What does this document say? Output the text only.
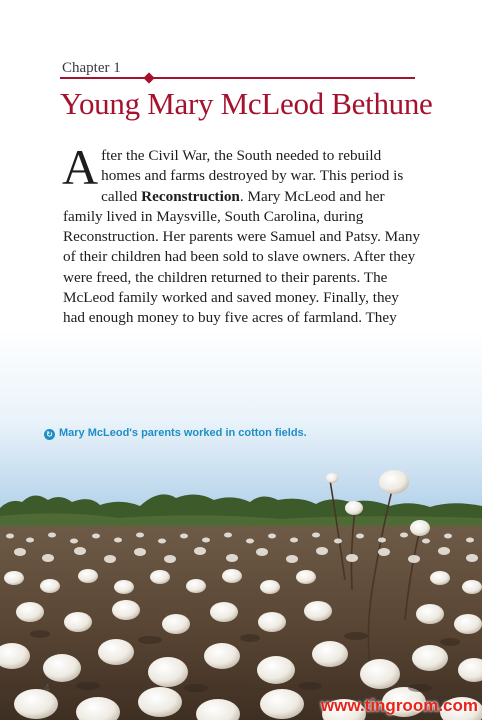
Chapter 1
Young Mary McLeod Bethune

After the Civil War, the South needed to rebuild homes and farms destroyed by war. This period is called Reconstruction. Mary McLeod and her family lived in Maysville, South Carolina, during Reconstruction. Her parents were Samuel and Patsy. Many of their children had been sold to slave owners. After they were freed, the children returned to their parents. The McLeod family worked and saved money. Finally, they had enough money to buy five acres of farmland. They

↻ Mary McLeod's parents worked in cotton fields.
4
www.tingroom.com
